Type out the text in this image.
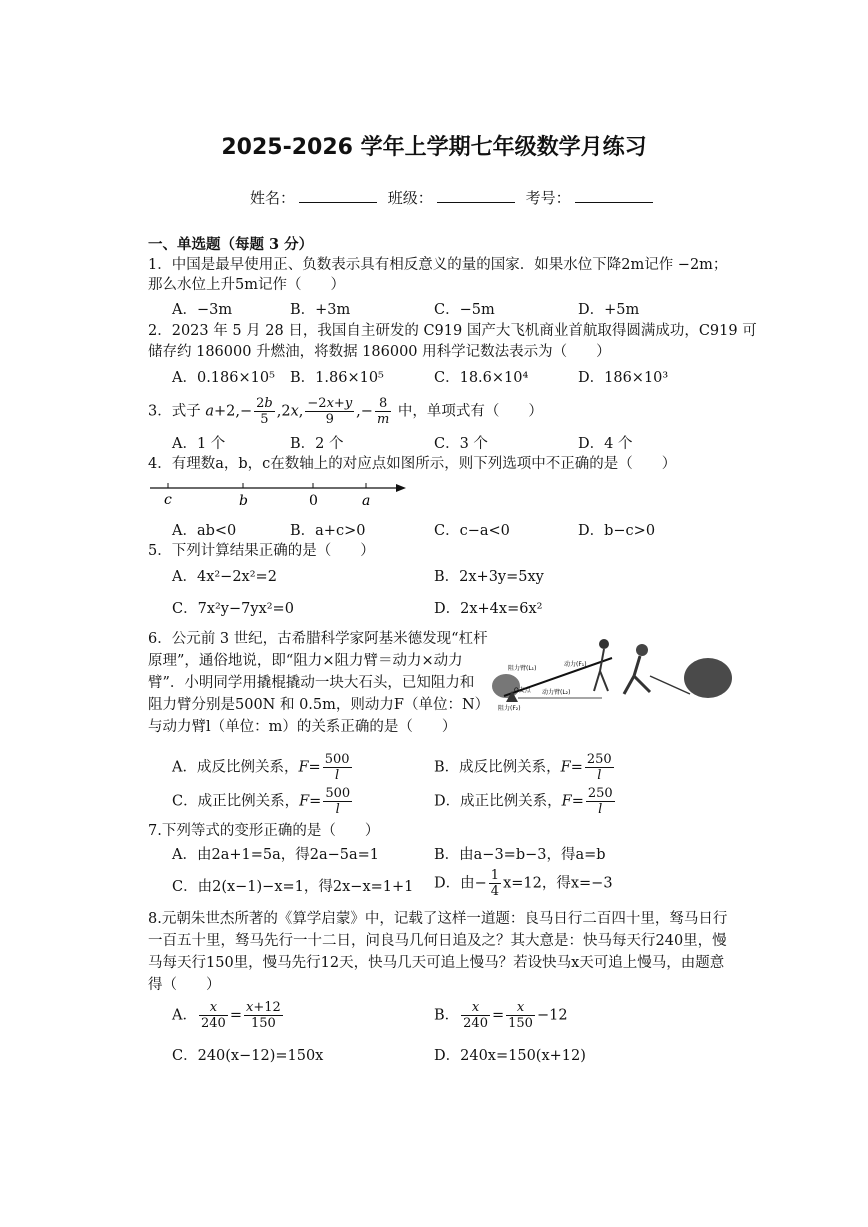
2025-2026 学年上学期七年级数学月练习
姓名：	班级：	考号：
一、单选题（每题 3 分）
1．中国是最早使用正、负数表示具有相反意义的量的国家．如果水位下降2m记作 −2m；
那么水位上升5m记作（　　）
A．−3m	B．+3m	C．−5m	D．+5m
2．2023 年 5 月 28 日，我国自主研发的 C919 国产大飞机商业首航取得圆满成功，C919 可
储存约 186000 升燃油，将数据 186000 用科学记数法表示为（　　）
A．0.186×10⁵ B．1.86×10⁵	C．18.6×10⁴	D．186×10³
3．式子 $a+2,- \frac{2b}{5} ,2x$, $\frac{-2x+y}{9}$ ,− $\frac{8}{m}$ 中，单项式有（　　）
A．1 个	B．2 个	C．3 个	D．4 个
4．有理数a，b，c在数轴上的对应点如图所示，则下列选项中不正确的是（　　）
c	b	0	a
A．ab<0	B．a+c>0	C．c−a<0	D．b−c>0
5．下列计算结果正确的是（　　）
A．4x²−2x²=2	B．2x+3y=5xy
C．7x²y−7yx²=0	D．2x+4x=6x²
6．公元前 3 世纪，古希腊科学家阿基米德发现“杠杆
原理”，通俗地说，即“阻力×阻力臂＝动力×动力
臂”．小明同学用撬棍撬动一块大石头，已知阻力和
阻力臂分别是500N 和 0.5m，则动力F（单位：N）
与动力臂l（单位：m）的关系正确的是（　　）
阻力臂(L₁)
动力(F₁)
动力臂(L₂)
O支点
阻力(F₂)
A．成反比例关系，$F= \frac{500}{l}$	B．成反比例关系，$F= \frac{250}{l}$
C．成正比例关系，$F= \frac{500}{l}$	D．成正比例关系，$F= \frac{250}{l}$
7.下列等式的变形正确的是（　　）
A．由2a+1=5a，得2a−5a=1	B．由a−3=b−3，得a=b
C．由2(x−1)−x=1，得2x−x=1+1 D．由− $\frac{1}{4} x=12$，得x=−3
8.元朝朱世杰所著的《算学启蒙》中，记载了这样一道题：良马日行二百四十里，驽马日行
一百五十里，驽马先行一十二日，问良马几何日追及之？其大意是：快马每天行240里，慢
马每天行150里，慢马先行12天，快马几天可追上慢马？若设快马x天可追上慢马，由题意
得（　　）
A． $\frac{x}{240} = \frac{x+12}{150}$	B． $\frac{x}{240} = \frac{x}{150} -12$
C．240(x−12)=150x	D．240x=150(x+12)
